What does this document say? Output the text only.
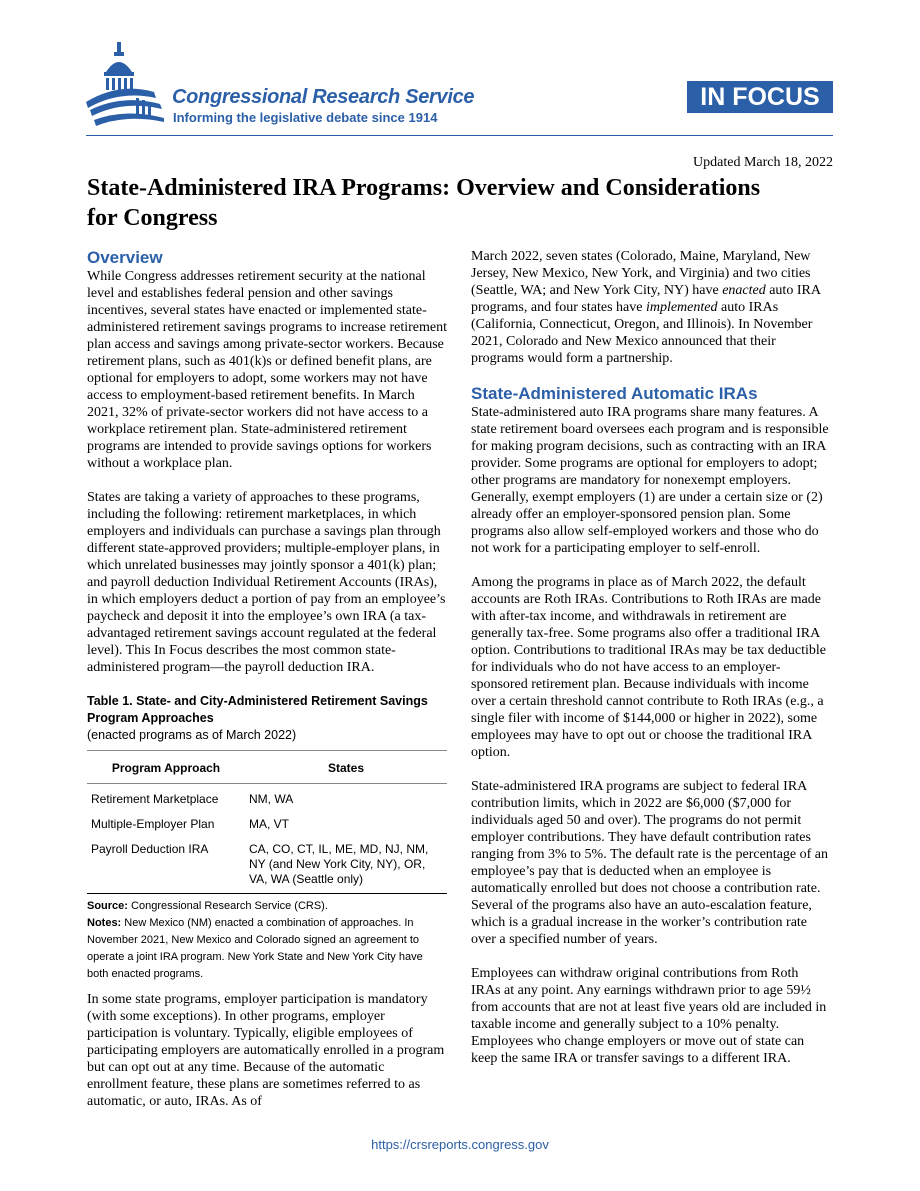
Congressional Research Service
Informing the legislative debate since 1914
IN FOCUS
Updated March 18, 2022
State-Administered IRA Programs: Overview and Considerations for Congress
Overview

While Congress addresses retirement security at the national level and establishes federal pension and other savings incentives, several states have enacted or implemented state-administered retirement savings programs to increase retirement plan access and savings among private-sector workers. Because retirement plans, such as 401(k)s or defined benefit plans, are optional for employers to adopt, some workers may not have access to employment-based retirement benefits. In March 2021, 32% of private-sector workers did not have access to a workplace retirement plan. State-administered retirement programs are intended to provide savings options for workers without a workplace plan.

States are taking a variety of approaches to these programs, including the following: retirement marketplaces, in which employers and individuals can purchase a savings plan through different state-approved providers; multiple-employer plans, in which unrelated businesses may jointly sponsor a 401(k) plan; and payroll deduction Individual Retirement Accounts (IRAs), in which employers deduct a portion of pay from an employee’s paycheck and deposit it into the employee’s own IRA (a tax-advantaged retirement savings account regulated at the federal level). This In Focus describes the most common state-administered program—the payroll deduction IRA.

Table 1. State- and City-Administered Retirement Savings Program Approaches
(enacted programs as of March 2022)
Program Approach	States
Retirement Marketplace	NM, WA
Multiple-Employer Plan	MA, VT
Payroll Deduction IRA	CA, CO, CT, IL, ME, MD, NJ, NM, NY (and New York City, NY), OR, VA, WA (Seattle only)
Source: Congressional Research Service (CRS).
Notes: New Mexico (NM) enacted a combination of approaches. In November 2021, New Mexico and Colorado signed an agreement to operate a joint IRA program. New York State and New York City have both enacted programs.

In some state programs, employer participation is mandatory (with some exceptions). In other programs, employer participation is voluntary. Typically, eligible employees of participating employers are automatically enrolled in a program but can opt out at any time. Because of the automatic enrollment feature, these plans are sometimes referred to as automatic, or auto, IRAs. As of

March 2022, seven states (Colorado, Maine, Maryland, New Jersey, New Mexico, New York, and Virginia) and two cities (Seattle, WA; and New York City, NY) have enacted auto IRA programs, and four states have implemented auto IRAs (California, Connecticut, Oregon, and Illinois). In November 2021, Colorado and New Mexico announced that their programs would form a partnership.

State-Administered Automatic IRAs

State-administered auto IRA programs share many features. A state retirement board oversees each program and is responsible for making program decisions, such as contracting with an IRA provider. Some programs are optional for employers to adopt; other programs are mandatory for nonexempt employers. Generally, exempt employers (1) are under a certain size or (2) already offer an employer-sponsored pension plan. Some programs also allow self-employed workers and those who do not work for a participating employer to self-enroll.

Among the programs in place as of March 2022, the default accounts are Roth IRAs. Contributions to Roth IRAs are made with after-tax income, and withdrawals in retirement are generally tax-free. Some programs also offer a traditional IRA option. Contributions to traditional IRAs may be tax deductible for individuals who do not have access to an employer-sponsored retirement plan. Because individuals with income over a certain threshold cannot contribute to Roth IRAs (e.g., a single filer with income of $144,000 or higher in 2022), some employees may have to opt out or choose the traditional IRA option.

State-administered IRA programs are subject to federal IRA contribution limits, which in 2022 are $6,000 ($7,000 for individuals aged 50 and over). The programs do not permit employer contributions. They have default contribution rates ranging from 3% to 5%. The default rate is the percentage of an employee’s pay that is deducted when an employee is automatically enrolled but does not choose a contribution rate. Several of the programs also have an auto-escalation feature, which is a gradual increase in the worker’s contribution rate over a specified number of years.

Employees can withdraw original contributions from Roth IRAs at any point. Any earnings withdrawn prior to age 59½ from accounts that are not at least five years old are included in taxable income and generally subject to a 10% penalty. Employees who change employers or move out of state can keep the same IRA or transfer savings to a different IRA.

https://crsreports.congress.gov
